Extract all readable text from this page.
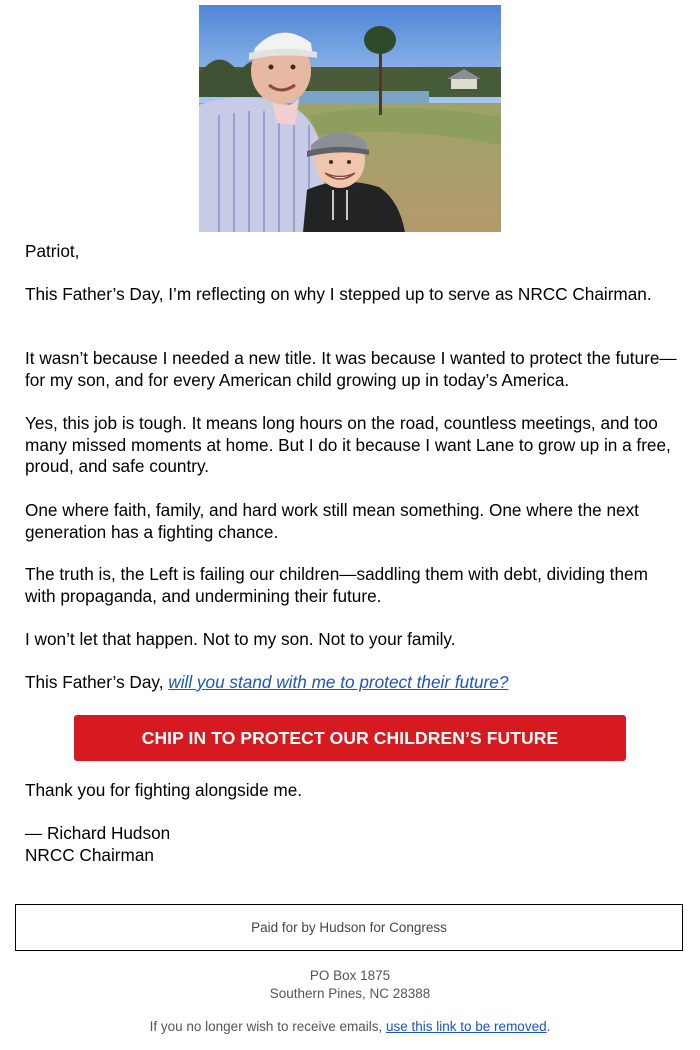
Patriot,

This Father’s Day, I’m reflecting on why I stepped up to serve as NRCC Chairman.

It wasn’t because I needed a new title. It was because I wanted to protect the future—for my son, and for every American child growing up in today’s America.

Yes, this job is tough. It means long hours on the road, countless meetings, and too many missed moments at home. But I do it because I want Lane to grow up in a free, proud, and safe country.

One where faith, family, and hard work still mean something. One where the next generation has a fighting chance.

The truth is, the Left is failing our children—saddling them with debt, dividing them with propaganda, and undermining their future.

I won’t let that happen. Not to my son. Not to your family.

This Father’s Day, will you stand with me to protect their future?

CHIP IN TO PROTECT OUR CHILDREN’S FUTURE

Thank you for fighting alongside me.

— Richard Hudson

NRCC Chairman

Paid for by Hudson for Congress

PO Box 1875

Southern Pines, NC 28388

If you no longer wish to receive emails, use this link to be removed.
